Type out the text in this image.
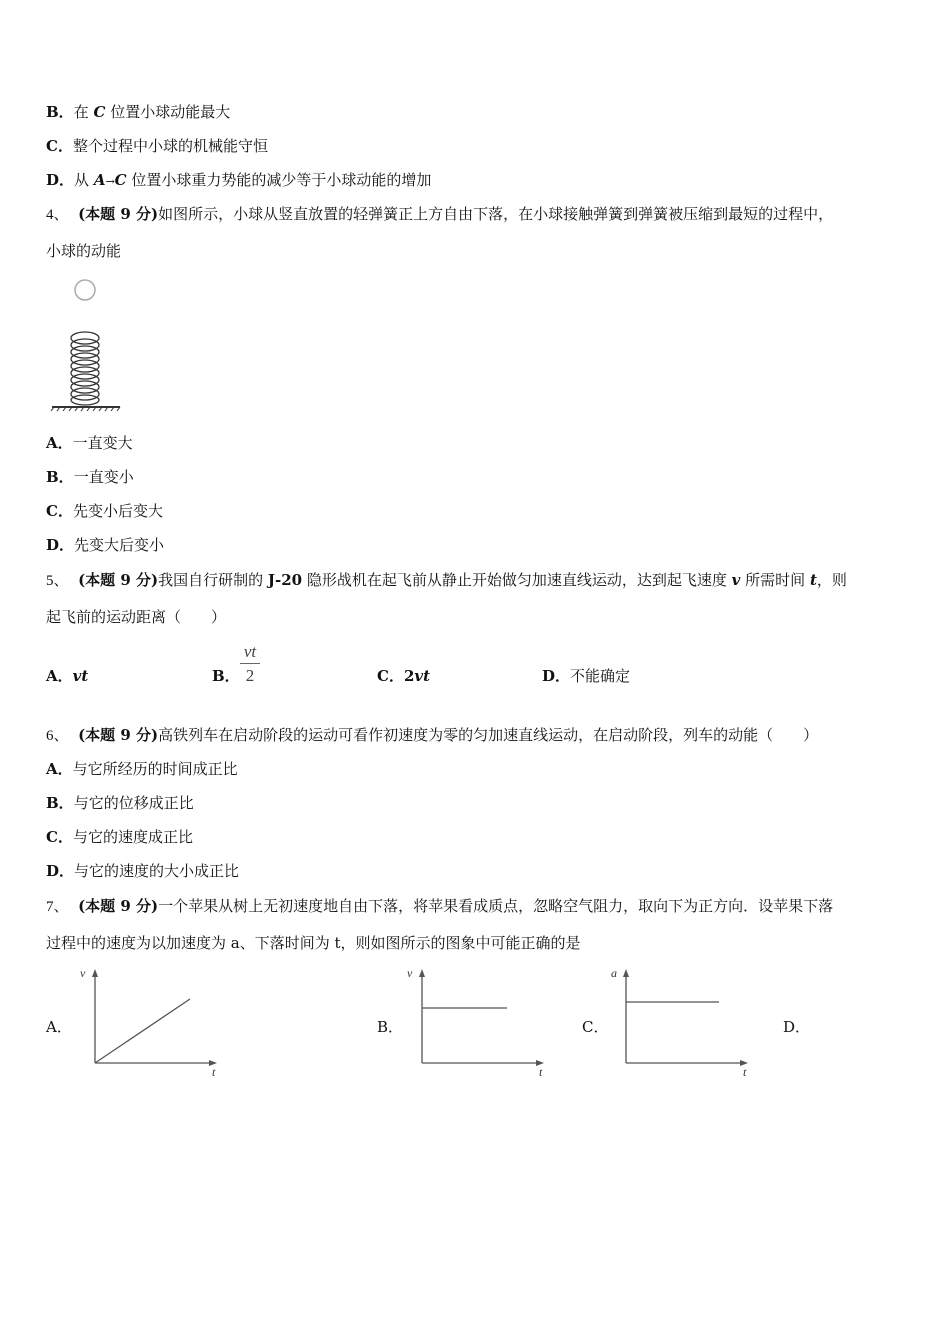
B．在 C 位置小球动能最大
C．整个过程中小球的机械能守恒
D．从 A→C 位置小球重力势能的减少等于小球动能的增加
4、 (本题 9 分)如图所示，小球从竖直放置的轻弹簧正上方自由下落，在小球接触弹簧到弹簧被压缩到最短的过程中，
小球的动能
A．一直变大
B．一直变小
C．先变小后变大
D．先变大后变小
5、 (本题 9 分)我国自行研制的 J-20 隐形战机在起飞前从静止开始做匀加速直线运动，达到起飞速度 v 所需时间 t，则
起飞前的运动距离（　　）
A．vt	B．
vt
2	C．2vt	D．不能确定
6、 (本题 9 分)高铁列车在启动阶段的运动可看作初速度为零的匀加速直线运动，在启动阶段，列车的动能（　　）
A．与它所经历的时间成正比
B．与它的位移成正比
C．与它的速度成正比
D．与它的速度的大小成正比
7、 (本题 9 分)一个苹果从树上无初速度地自由下落，将苹果看成质点，忽略空气阻力，取向下为正方向．设苹果下落
过程中的速度为以加速度为 a、下落时间为 t，则如图所示的图象中可能正确的是
A．
v
t
B．
v
t
C．
a
t
D．
